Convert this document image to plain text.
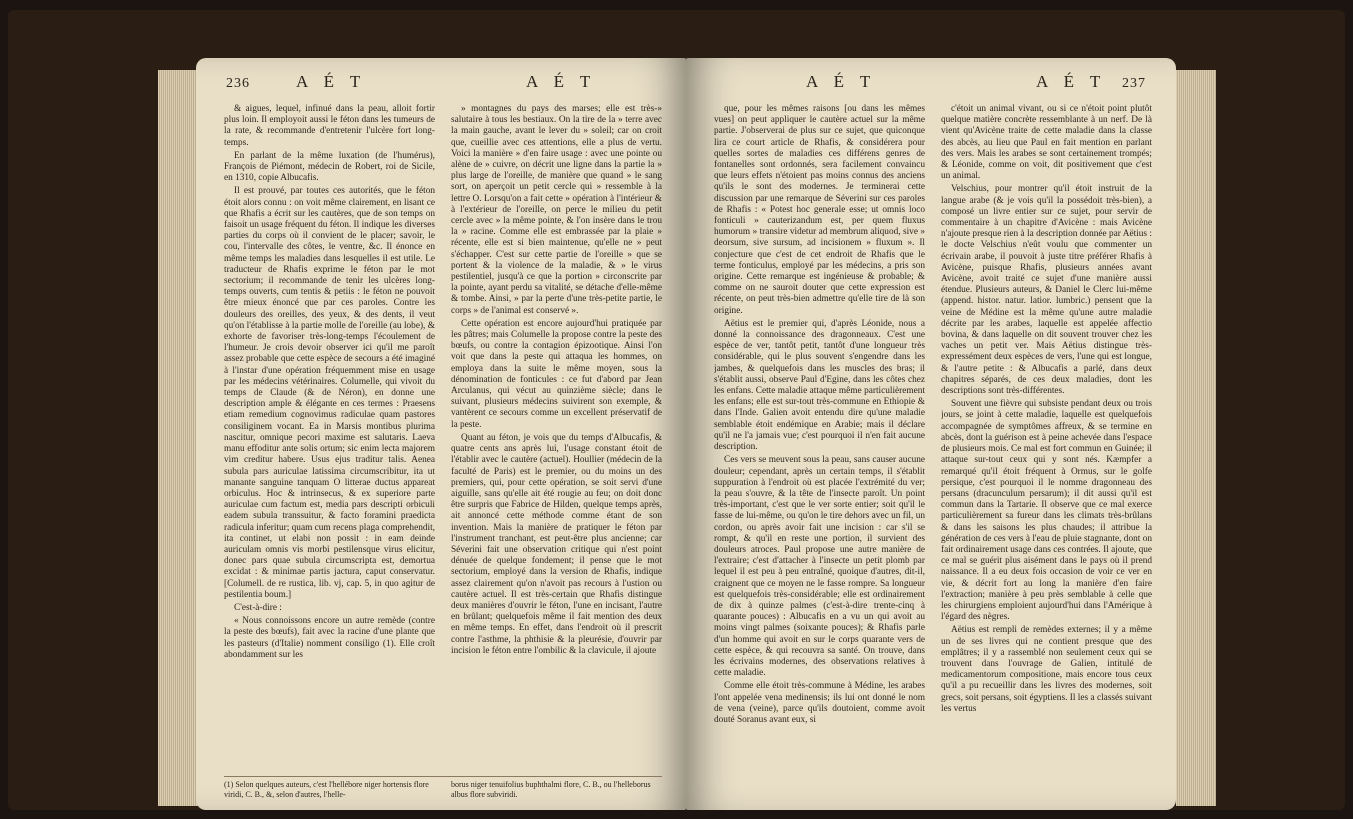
236	A É T	A É T

& aigues, lequel, infinué dans la peau, alloit fortir plus loin. Il employoit aussi le féton dans les tumeurs de la rate, & recommande d'entretenir l'ulcère fort long-temps.

En parlant de la même luxation (de l'humérus), François de Piémont, médecin de Robert, roi de Sicile, en 1310, copie Albucafis.

Il est prouvé, par toutes ces autorités, que le féton étoit alors connu : on voit même clairement, en lisant ce que Rhafis a écrit sur les cautères, que de son temps on faisoit un usage fréquent du féton. Il indique les diverses parties du corps où il convient de le placer; savoir, le cou, l'intervalle des côtes, le ventre, &c. Il énonce en même temps les maladies dans lesquelles il est utile. Le traducteur de Rhafis exprime le féton par le mot sectorium; il recommande de tenir les ulcères long-temps ouverts, cum tentis & petiis : le féton ne pouvoit être mieux énoncé que par ces paroles. Contre les douleurs des oreilles, des yeux, & des dents, il veut qu'on l'établisse à la partie molle de l'oreille (au lobe), & exhorte de favoriser très-long-temps l'écoulement de l'humeur. Je crois devoir observer ici qu'il me paroît assez probable que cette espèce de secours a été imaginé à l'instar d'une opération fréquemment mise en usage par les médecins vétérinaires. Columelle, qui vivoit du temps de Claude (& de Néron), en donne une description ample & élégante en ces termes : Praesens etiam remedium cognovimus radiculae quam pastores consiliginem vocant. Ea in Marsis montibus plurima nascitur, omnique pecori maxime est salutaris. Laeva manu effoditur ante solis ortum; sic enim lecta majorem vim creditur habere. Usus ejus traditur talis. Aenea subula pars auriculae latissima circumscribitur, ita ut manante sanguine tanquam O litterae ductus appareat orbiculus. Hoc & intrinsecus, & ex superiore parte auriculae cum factum est, media pars descripti orbiculi eadem subula transsuitur, & facto foramini praedicta radicula inferitur; quam cum recens plaga comprehendit, ita continet, ut elabi non possit : in eam deinde auriculam omnis vis morbi pestilensque virus elicitur, donec pars quae subula circumscripta est, demortua excidat : & minimae partis jactura, caput conservatur. [Columell. de re rustica, lib. vj, cap. 5, in quo agitur de pestilentia boum.]

C'est-à-dire :

« Nous connoissons encore un autre remède (contre la peste des bœufs), fait avec la racine d'une plante que les pasteurs (d'Italie) nomment consiligo (1). Elle croît abondamment sur les

» montagnes du pays des marses; elle est très-» salutaire à tous les bestiaux. On la tire de la » terre avec la main gauche, avant le lever du » soleil; car on croit que, cueillie avec ces attentions, elle a plus de vertu. Voici la manière » d'en faire usage : avec une pointe ou alène de » cuivre, on décrit une ligne dans la partie la » plus large de l'oreille, de manière que quand » le sang sort, on aperçoit un petit cercle qui » ressemble à la lettre O. Lorsqu'on a fait cette » opération à l'intérieur & à l'extérieur de l'oreille, on perce le milieu du petit cercle avec » la même pointe, & l'on insère dans le trou la » racine. Comme elle est embrassée par la plaie » récente, elle est si bien maintenue, qu'elle ne » peut s'échapper. C'est sur cette partie de l'oreille » que se portent & la violence de la maladie, & » le virus pestilentiel, jusqu'à ce que la portion » circonscrite par la pointe, ayant perdu sa vitalité, se détache d'elle-même & tombe. Ainsi, » par la perte d'une très-petite partie, le corps » de l'animal est conservé ».

Cette opération est encore aujourd'hui pratiquée par les pâtres; mais Columelle la propose contre la peste des bœufs, ou contre la contagion épizootique. Ainsi l'on voit que dans la peste qui attaqua les hommes, on employa dans la suite le même moyen, sous la dénomination de fonticules : ce fut d'abord par Jean Arculanus, qui vécut au quinzième siècle; dans le suivant, plusieurs médecins suivirent son exemple, & vantèrent ce secours comme un excellent préservatif de la peste.

Quant au féton, je vois que du temps d'Albucafis, & quatre cents ans après lui, l'usage constant étoit de l'établir avec le cautère (actuel). Houllier (médecin de la faculté de Paris) est le premier, ou du moins un des premiers, qui, pour cette opération, se soit servi d'une aiguille, sans qu'elle ait été rougie au feu; on doit donc être surpris que Fabrice de Hilden, quelque temps après, ait annoncé cette méthode comme étant de son invention. Mais la manière de pratiquer le féton par l'instrument tranchant, est peut-être plus ancienne; car Séverini fait une observation critique qui n'est point dénuée de quelque fondement; il pense que le mot sectorium, employé dans la version de Rhafis, indique assez clairement qu'on n'avoit pas recours à l'ustion ou cautère actuel. Il est très-certain que Rhafis distingue deux manières d'ouvrir le féton, l'une en incisant, l'autre en brûlant; quelquefois même il fait mention des deux en même temps. En effet, dans l'endroit où il prescrit contre l'asthme, la phthisie & la pleurésie, d'ouvrir par incision le féton entre l'ombilic & la clavicule, il ajoute

(1) Selon quelques auteurs, c'est l'hellébore niger hortensis flore viridi, C. B., &, selon d'autres, l'helle-
borus niger tenuifolius buphthalmi flore, C. B., ou l'helleborus albus flore subviridi.
A É T	A É T 237

que, pour les mêmes raisons [ou dans les mêmes vues] on peut appliquer le cautère actuel sur la même partie. J'observerai de plus sur ce sujet, que quiconque lira ce court article de Rhafis, & considérera pour quelles sortes de maladies ces différens genres de fontanelles sont ordonnés, sera facilement convaincu que leurs effets n'étoient pas moins connus des anciens qu'ils le sont des modernes. Je terminerai cette discussion par une remarque de Séverini sur ces paroles de Rhafis : « Potest hoc generale esse; ut omnis loco fonticuli » cauterizandum est, per quem fluxus humorum » transire videtur ad membrum aliquod, sive » deorsum, sive sursum, ad incisionem » fluxum ». Il conjecture que c'est de cet endroit de Rhafis que le terme fonticulus, employé par les médecins, a pris son origine. Cette remarque est ingénieuse & probable; & comme on ne sauroit douter que cette expression est récente, on peut très-bien admettre qu'elle tire de là son origine.

Aëtius est le premier qui, d'après Léonide, nous a donné la connoissance des dragonneaux. C'est une espèce de ver, tantôt petit, tantôt d'une longueur très considérable, qui le plus souvent s'engendre dans les jambes, & quelquefois dans les muscles des bras; il s'établit aussi, observe Paul d'Egine, dans les côtes chez les enfans. Cette maladie attaque même particulièrement les enfans; elle est sur-tout très-commune en Ethiopie & dans l'Inde. Galien avoit entendu dire qu'une maladie semblable étoit endémique en Arabie; mais il déclare qu'il ne l'a jamais vue; c'est pourquoi il n'en fait aucune description.

Ces vers se meuvent sous la peau, sans causer aucune douleur; cependant, après un certain temps, il s'établit suppuration à l'endroit où est placée l'extrémité du ver; la peau s'ouvre, & la tête de l'insecte paroît. Un point très-important, c'est que le ver sorte entier; soit qu'il le fasse de lui-même, ou qu'on le tire dehors avec un fil, un cordon, ou après avoir fait une incision : car s'il se rompt, & qu'il en reste une portion, il survient des douleurs atroces. Paul propose une autre manière de l'extraire; c'est d'attacher à l'insecte un petit plomb par lequel il est peu à peu entraîné, quoique d'autres, dit-il, craignent que ce moyen ne le fasse rompre. Sa longueur est quelquefois très-considérable; elle est ordinairement de dix à quinze palmes (c'est-à-dire trente-cinq à quarante pouces) : Albucafis en a vu un qui avoit au moins vingt palmes (soixante pouces); & Rhafis parle d'un homme qui avoit en sur le corps quarante vers de cette espèce, & qui recouvra sa santé. On trouve, dans les écrivains modernes, des observations relatives à cette maladie.

Comme elle étoit très-commune à Médine, les arabes l'ont appelée vena medinensis; ils lui ont donné le nom de vena (veine), parce qu'ils doutoient, comme avoit douté Soranus avant eux, si

c'étoit un animal vivant, ou si ce n'étoit point plutôt quelque matière concrète ressemblante à un nerf. De là vient qu'Avicène traite de cette maladie dans la classe des abcès, au lieu que Paul en fait mention en parlant des vers. Mais les arabes se sont certainement trompés; & Léonide, comme on voit, dit positivement que c'est un animal.

Velschius, pour montrer qu'il étoit instruit de la langue arabe (& je vois qu'il la possédoit très-bien), a composé un livre entier sur ce sujet, pour servir de commentaire à un chapitre d'Avicène : mais Avicène n'ajoute presque rien à la description donnée par Aëtius : le docte Velschius n'eût voulu que commenter un écrivain arabe, il pouvoit à juste titre préférer Rhafis à Avicène, puisque Rhafis, plusieurs années avant Avicène, avoit traité ce sujet d'une manière aussi étendue. Plusieurs auteurs, & Daniel le Clerc lui-même (append. histor. natur. latior. lumbric.) pensent que la veine de Médine est la même qu'une autre maladie décrite par les arabes, laquelle est appelée affectio bovina, & dans laquelle on dit souvent trouver chez les vaches un petit ver. Mais Aëtius distingue très-expressément deux espèces de vers, l'une qui est longue, & l'autre petite : & Albucafis a parlé, dans deux chapitres séparés, de ces deux maladies, dont les descriptions sont très-différentes.

Souvent une fièvre qui subsiste pendant deux ou trois jours, se joint à cette maladie, laquelle est quelquefois accompagnée de symptômes affreux, & se termine en abcès, dont la guérison est à peine achevée dans l'espace de plusieurs mois. Ce mal est fort commun en Guinée; il attaque sur-tout ceux qui y sont nés. Kæmpfer a remarqué qu'il étoit fréquent à Ormus, sur le golfe persique, c'est pourquoi il le nomme dragonneau des persans (dracunculum persarum); il dit aussi qu'il est commun dans la Tartarie. Il observe que ce mal exerce particulièrement sa fureur dans les climats très-brûlans & dans les saisons les plus chaudes; il attribue la génération de ces vers à l'eau de pluie stagnante, dont on fait ordinairement usage dans ces contrées. Il ajoute, que ce mal se guérit plus aisément dans le pays où il prend naissance. Il a eu deux fois occasion de voir ce ver en vie, & décrit fort au long la manière d'en faire l'extraction; manière à peu près semblable à celle que les chirurgiens emploient aujourd'hui dans l'Amérique à l'égard des nègres.

Aëtius est rempli de remèdes externes; il y a même un de ses livres qui ne contient presque que des emplâtres; il y a rassemblé non seulement ceux qui se trouvent dans l'ouvrage de Galien, intitulé de medicamentorum compositione, mais encore tous ceux qu'il a pu recueillir dans les livres des modernes, soit grecs, soit persans, soit égyptiens. Il les a classés suivant les vertus
